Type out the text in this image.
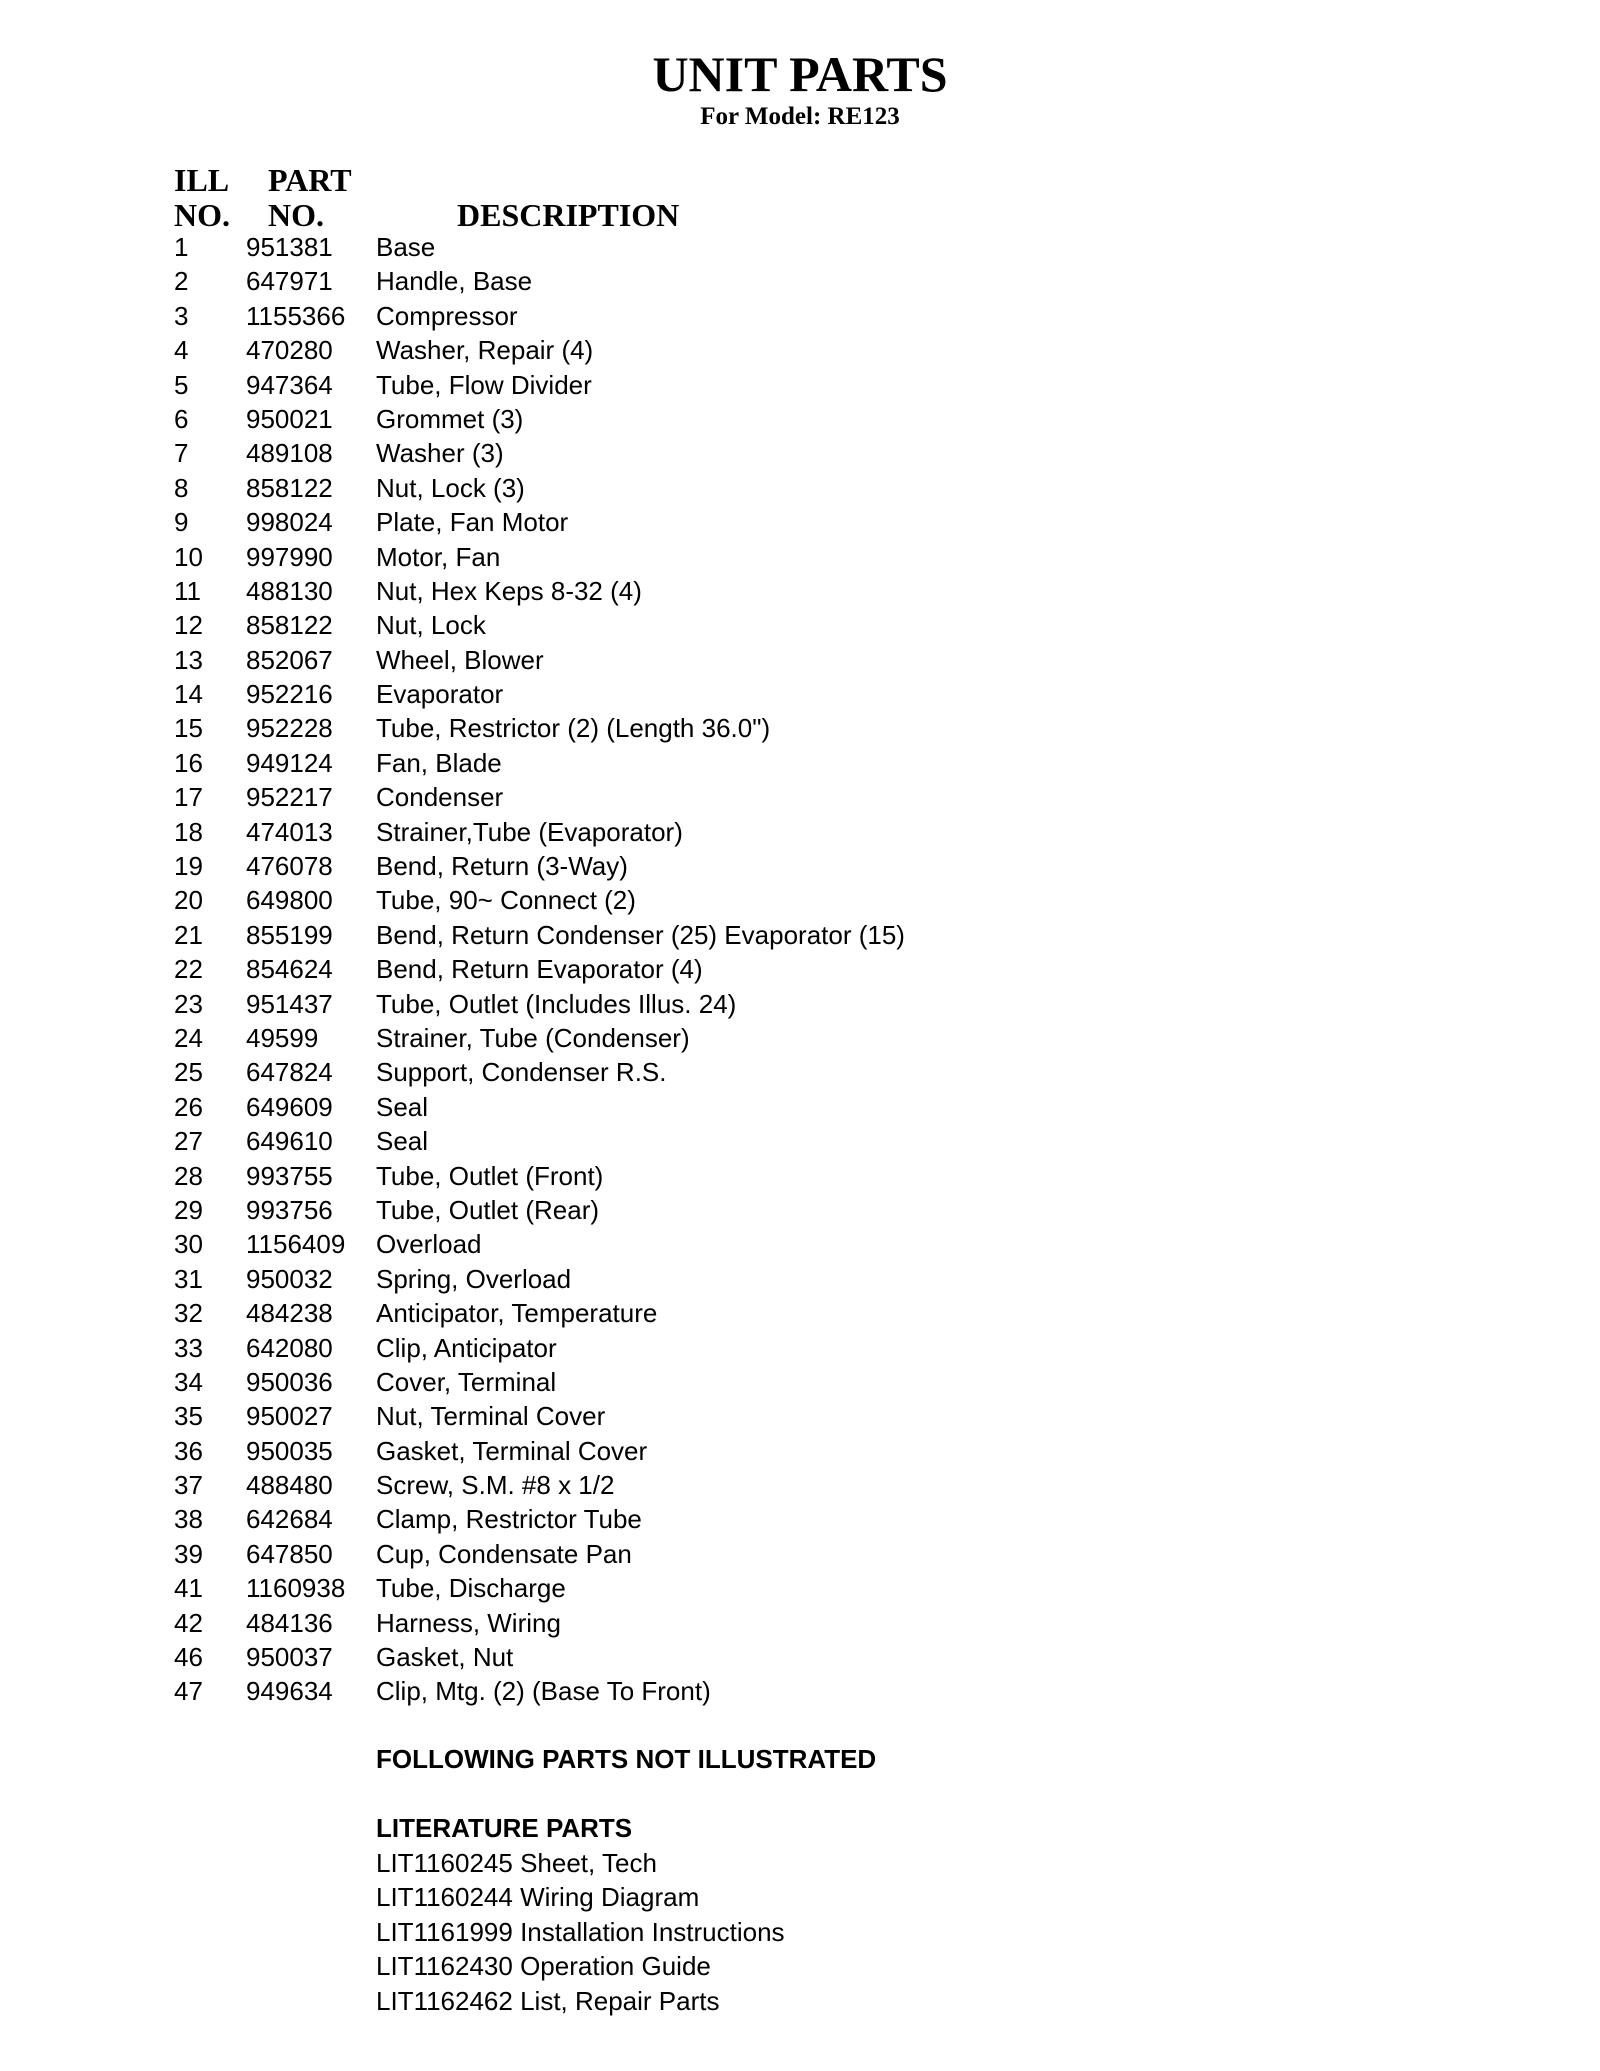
UNIT PARTS
For Model: RE123
ILL
NO.
PART
NO.	DESCRIPTION
1 951381 Base
2 647971 Handle, Base
3 1155366 Compressor
4 470280 Washer, Repair (4)
5 947364 Tube, Flow Divider
6 950021 Grommet (3)
7 489108 Washer (3)
8 858122 Nut, Lock (3)
9 998024 Plate, Fan Motor
10 997990 Motor, Fan
11 488130 Nut, Hex Keps 8-32 (4)
12 858122 Nut, Lock
13 852067 Wheel, Blower
14 952216 Evaporator
15 952228 Tube, Restrictor (2) (Length 36.0")
16 949124 Fan, Blade
17 952217 Condenser
18 474013 Strainer,Tube (Evaporator)
19 476078 Bend, Return (3-Way)
20 649800 Tube, 90~ Connect (2)
21 855199 Bend, Return Condenser (25) Evaporator (15)
22 854624 Bend, Return Evaporator (4)
23 951437 Tube, Outlet (Includes Illus. 24)
24 49599 Strainer, Tube (Condenser)
25 647824 Support, Condenser R.S.
26 649609 Seal
27 649610 Seal
28 993755 Tube, Outlet (Front)
29 993756 Tube, Outlet (Rear)
30 1156409 Overload
31 950032 Spring, Overload
32 484238 Anticipator, Temperature
33 642080 Clip, Anticipator
34 950036 Cover, Terminal
35 950027 Nut, Terminal Cover
36 950035 Gasket, Terminal Cover
37 488480 Screw, S.M. #8 x 1/2
38 642684 Clamp, Restrictor Tube
39 647850 Cup, Condensate Pan
41 1160938 Tube, Discharge
42 484136 Harness, Wiring
46 950037 Gasket, Nut
47 949634 Clip, Mtg. (2) (Base To Front)
FOLLOWING PARTS NOT ILLUSTRATED
LITERATURE PARTS
LIT1160245 Sheet, Tech
LIT1160244 Wiring Diagram
LIT1161999 Installation Instructions
LIT1162430 Operation Guide
LIT1162462 List, Repair Parts
